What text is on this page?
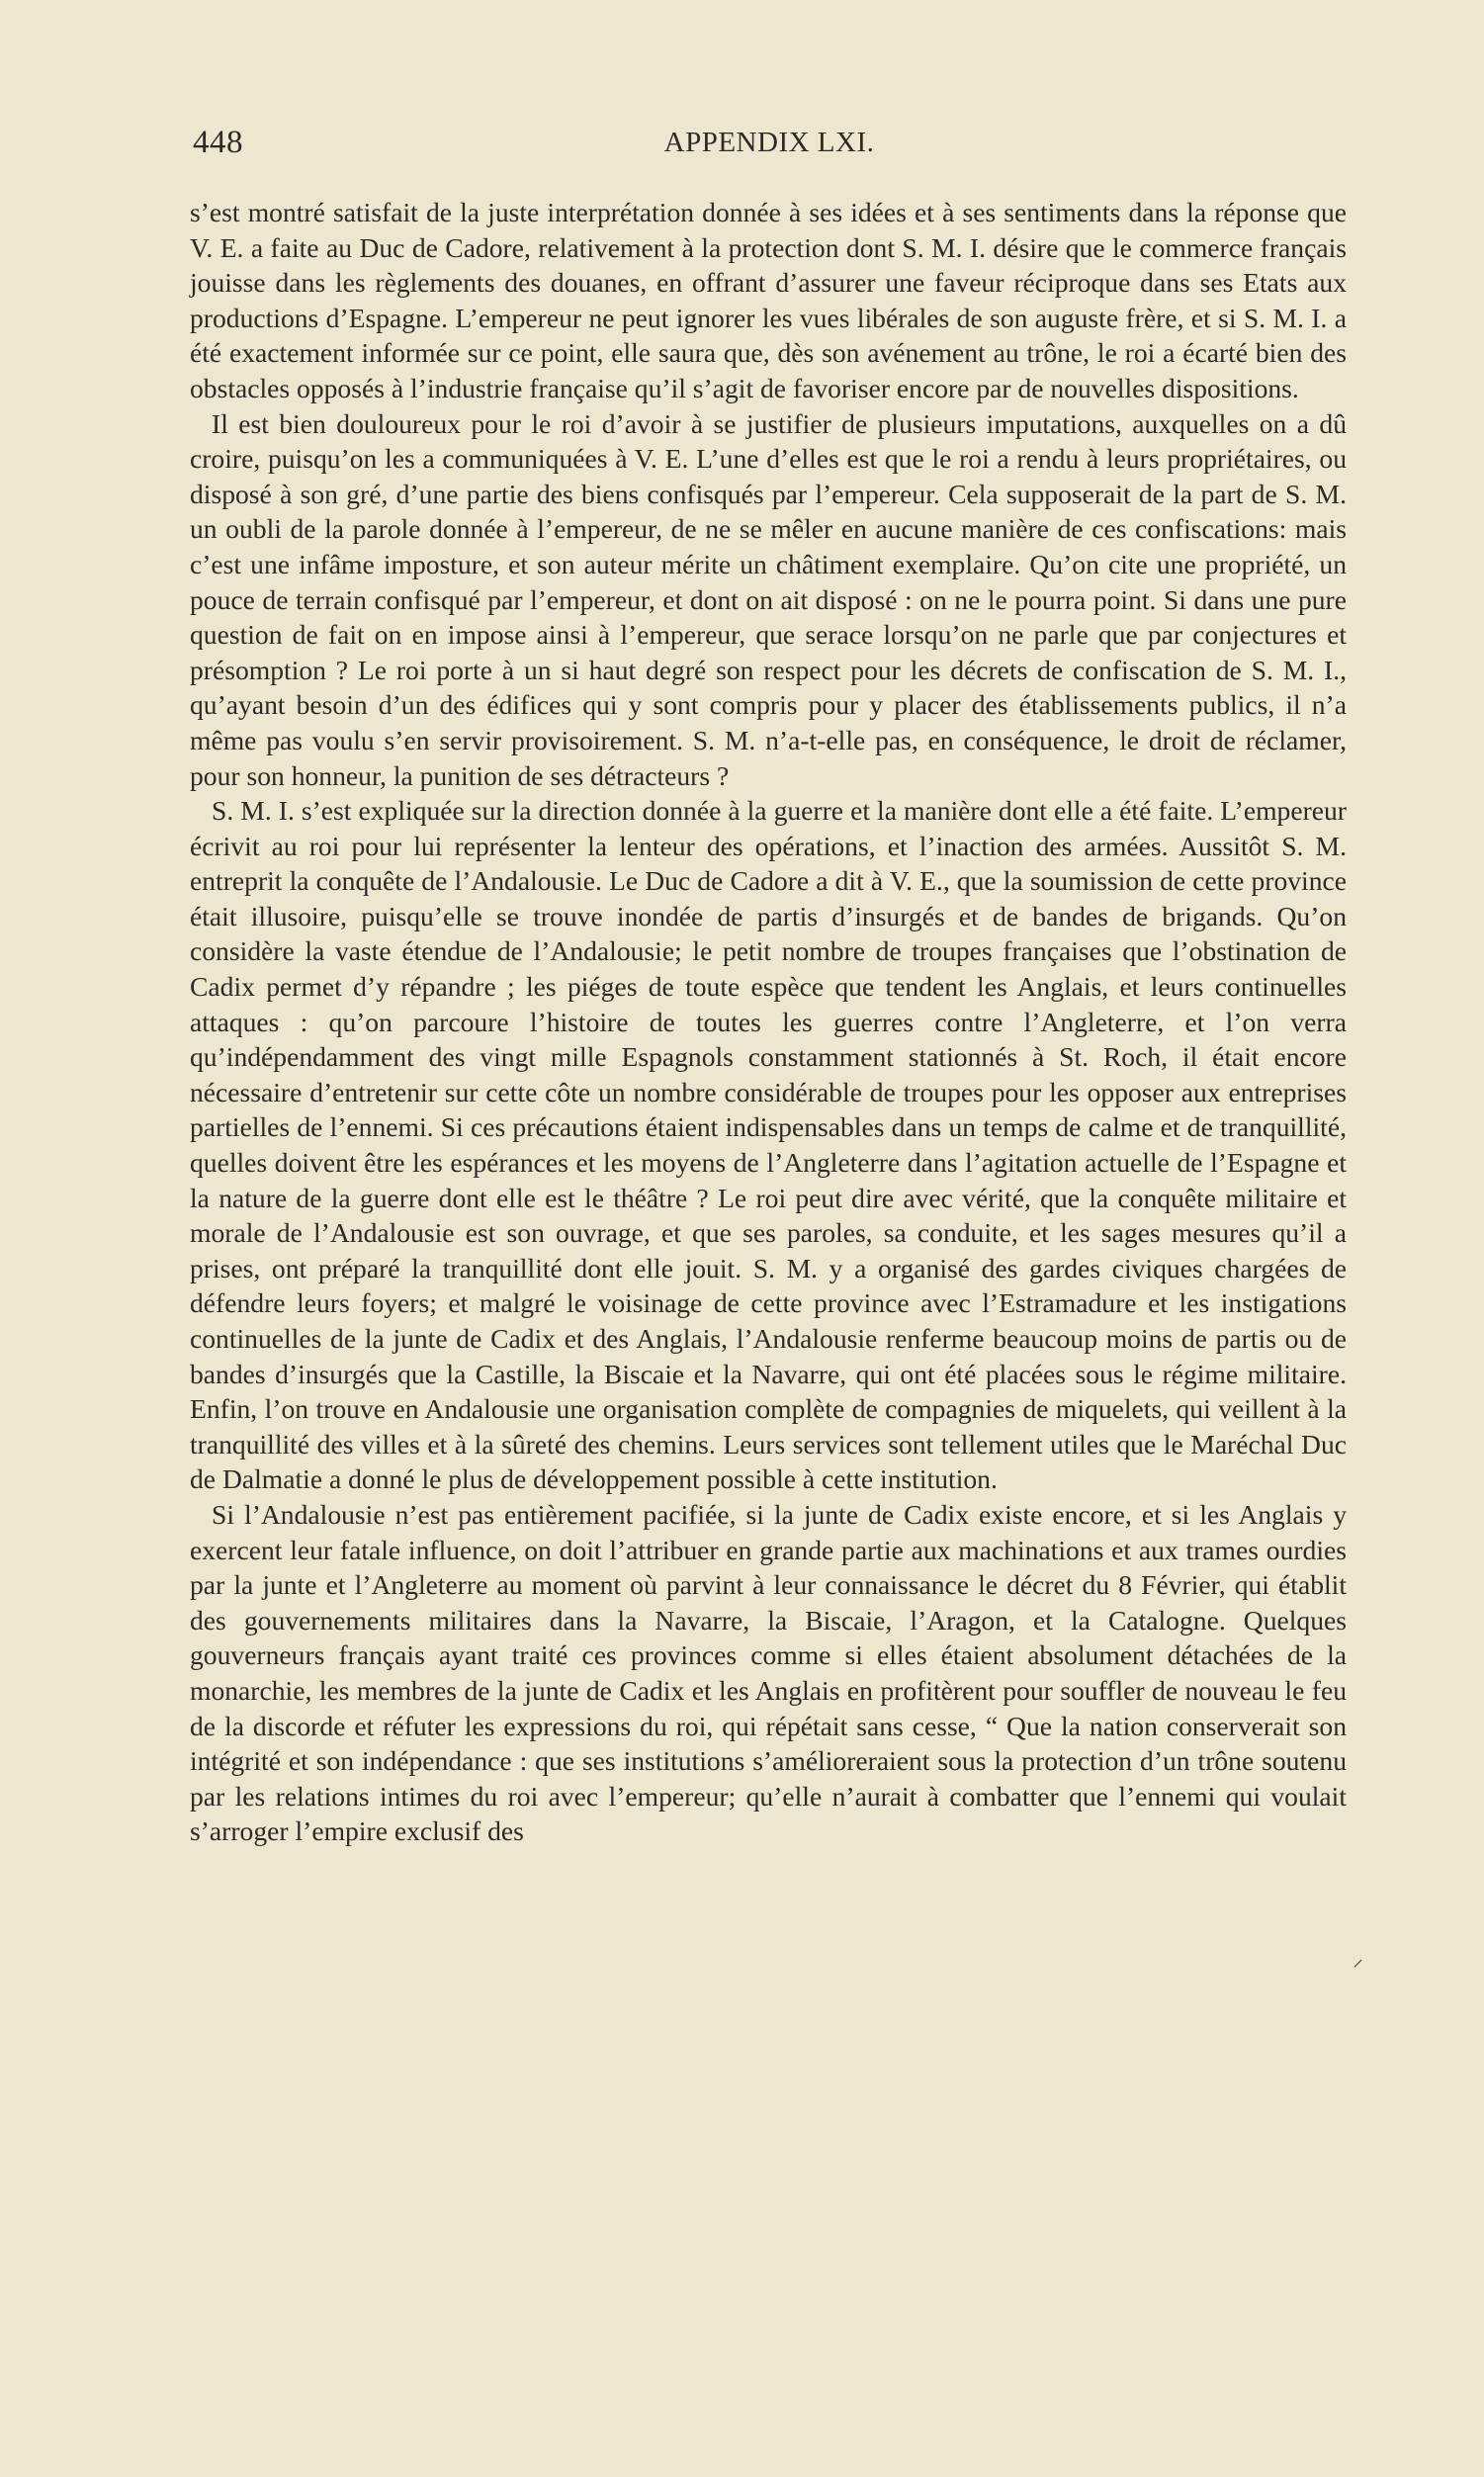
448	APPENDIX LXI.

s’est montré satisfait de la juste interprétation donnée à ses idées et à ses sentiments dans la réponse que V. E. a faite au Duc de Cadore, relativement à la protection dont S. M. I. désire que le commerce français jouisse dans les règlements des douanes, en offrant d’assurer une faveur réciproque dans ses Etats aux productions d’Espagne. L’empereur ne peut ignorer les vues libérales de son auguste frère, et si S. M. I. a été exactement informée sur ce point, elle saura que, dès son avénement au trône, le roi a écarté bien des obstacles opposés à l’industrie française qu’il s’agit de favoriser encore par de nouvelles dispositions.

Il est bien douloureux pour le roi d’avoir à se justifier de plusieurs imputations, auxquelles on a dû croire, puisqu’on les a communiquées à V. E. L’une d’elles est que le roi a rendu à leurs propriétaires, ou disposé à son gré, d’une partie des biens confisqués par l’empereur. Cela supposerait de la part de S. M. un oubli de la parole donnée à l’empereur, de ne se mêler en aucune manière de ces confiscations: mais c’est une infâme imposture, et son auteur mérite un châtiment exemplaire. Qu’on cite une propriété, un pouce de terrain confisqué par l’empereur, et dont on ait disposé : on ne le pourra point. Si dans une pure question de fait on en impose ainsi à l’empereur, que serace lorsqu’on ne parle que par conjectures et présomption ? Le roi porte à un si haut degré son respect pour les décrets de confiscation de S. M. I., qu’ayant besoin d’un des édifices qui y sont compris pour y placer des établissements publics, il n’a même pas voulu s’en servir provisoirement. S. M. n’a-t-elle pas, en conséquence, le droit de réclamer, pour son honneur, la punition de ses détracteurs ?

S. M. I. s’est expliquée sur la direction donnée à la guerre et la manière dont elle a été faite. L’empereur écrivit au roi pour lui représenter la lenteur des opérations, et l’inaction des armées. Aussitôt S. M. entreprit la conquête de l’Andalousie. Le Duc de Cadore a dit à V. E., que la soumission de cette province était illusoire, puisqu’elle se trouve inondée de partis d’insurgés et de bandes de brigands. Qu’on considère la vaste étendue de l’Andalousie; le petit nombre de troupes françaises que l’obstination de Cadix permet d’y répandre ; les piéges de toute espèce que tendent les Anglais, et leurs continuelles attaques : qu’on parcoure l’histoire de toutes les guerres contre l’Angleterre, et l’on verra qu’indépendamment des vingt mille Espagnols constamment stationnés à St. Roch, il était encore nécessaire d’entretenir sur cette côte un nombre considérable de troupes pour les opposer aux entreprises partielles de l’ennemi. Si ces précautions étaient indispensables dans un temps de calme et de tranquillité, quelles doivent être les espérances et les moyens de l’Angleterre dans l’agitation actuelle de l’Espagne et la nature de la guerre dont elle est le théâtre ? Le roi peut dire avec vérité, que la conquête militaire et morale de l’Andalousie est son ouvrage, et que ses paroles, sa conduite, et les sages mesures qu’il a prises, ont préparé la tranquillité dont elle jouit. S. M. y a organisé des gardes civiques chargées de défendre leurs foyers; et malgré le voisinage de cette province avec l’Estramadure et les instigations continuelles de la junte de Cadix et des Anglais, l’Andalousie renferme beaucoup moins de partis ou de bandes d’insurgés que la Castille, la Biscaie et la Navarre, qui ont été placées sous le régime militaire. Enfin, l’on trouve en Andalousie une organisation complète de compagnies de miquelets, qui veillent à la tranquillité des villes et à la sûreté des chemins. Leurs services sont tellement utiles que le Maréchal Duc de Dalmatie a donné le plus de développement possible à cette institution.

Si l’Andalousie n’est pas entièrement pacifiée, si la junte de Cadix existe encore, et si les Anglais y exercent leur fatale influence, on doit l’attribuer en grande partie aux machinations et aux trames ourdies par la junte et l’Angleterre au moment où parvint à leur connaissance le décret du 8 Février, qui établit des gouvernements militaires dans la Navarre, la Biscaie, l’Aragon, et la Catalogne. Quelques gouverneurs français ayant traité ces provinces comme si elles étaient absolument détachées de la monarchie, les membres de la junte de Cadix et les Anglais en profitèrent pour souffler de nouveau le feu de la discorde et réfuter les expressions du roi, qui répétait sans cesse, “ Que la nation conserverait son intégrité et son indépendance : que ses institutions s’amélioreraient sous la protection d’un trône soutenu par les relations intimes du roi avec l’empereur; qu’elle n’aurait à combatter que l’ennemi qui voulait s’arroger l’empire exclusif des

⸝
